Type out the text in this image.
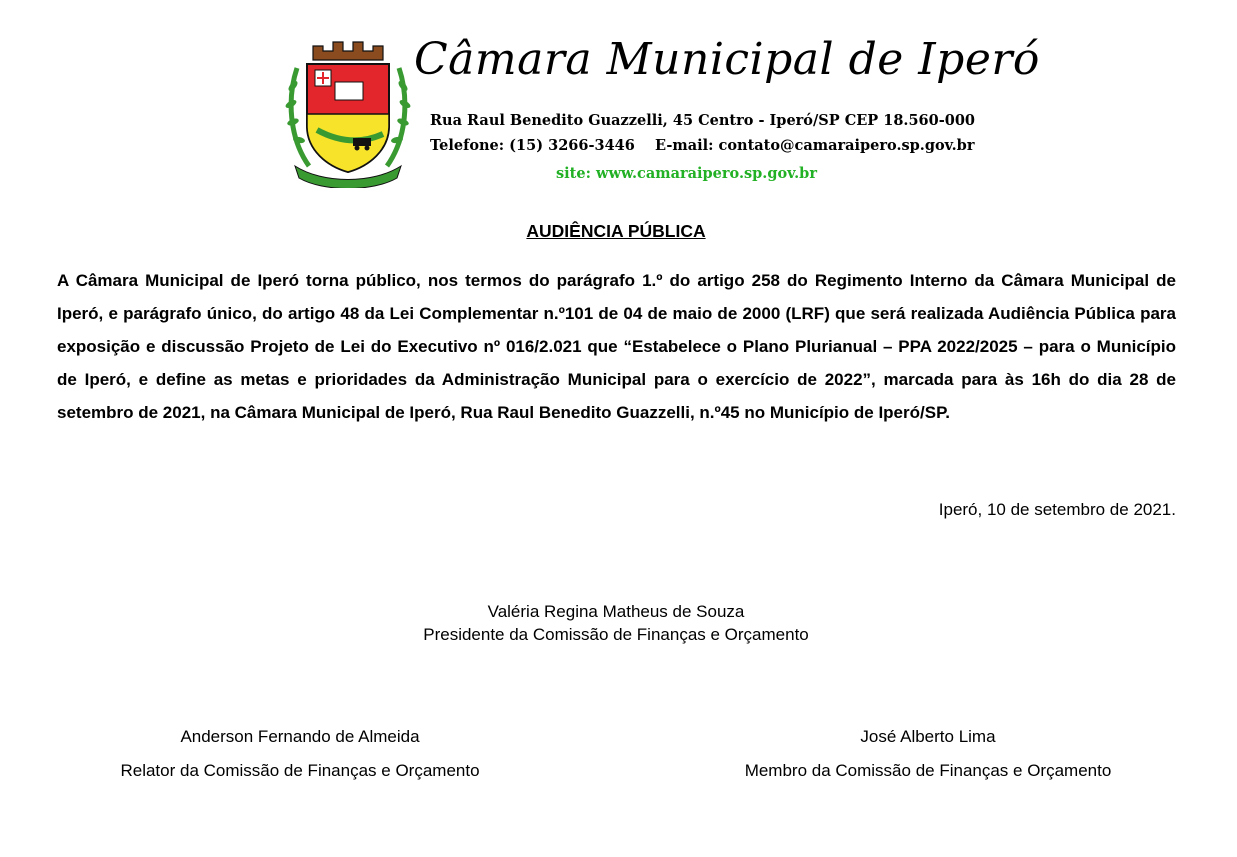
Câmara Municipal de Iperó
Rua Raul Benedito Guazzelli, 45 Centro - Iperó/SP CEP 18.560-000
Telefone: (15) 3266-3446    E-mail: contato@camaraipero.sp.gov.br
site: www.camaraipero.sp.gov.br
AUDIÊNCIA PÚBLICA

A Câmara Municipal de Iperó torna público, nos termos do parágrafo 1.º do artigo 258 do Regimento Interno da Câmara Municipal de Iperó, e parágrafo único, do artigo 48 da Lei Complementar n.º101 de 04 de maio de 2000 (LRF) que será realizada Audiência Pública para exposição e discussão Projeto de Lei do Executivo nº 016/2.021 que “Estabelece o Plano Plurianual – PPA 2022/2025 – para o Município de Iperó, e define as metas e prioridades da Administração Municipal para o exercício de 2022”, marcada para às 16h do dia 28 de setembro de 2021, na Câmara Municipal de Iperó, Rua Raul Benedito Guazzelli, n.º45 no Município de Iperó/SP.

Iperó, 10 de setembro de 2021.
Valéria Regina Matheus de Souza
Presidente da Comissão de Finanças e Orçamento
Anderson Fernando de Almeida
Relator da Comissão de Finanças e Orçamento
José Alberto Lima
Membro da Comissão de Finanças e Orçamento
